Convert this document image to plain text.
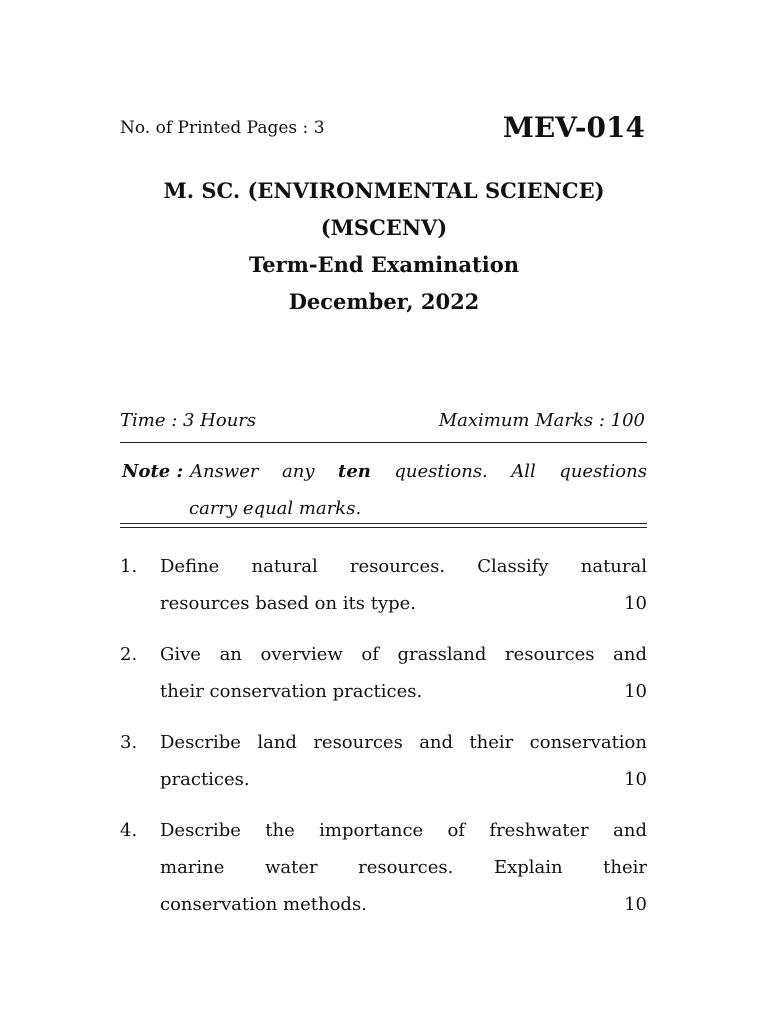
No. of Printed Pages : 3	MEV-014
M. SC. (ENVIRONMENTAL SCIENCE)
(MSCENV)
Term-End Examination
December, 2022
Time : 3 Hours	Maximum Marks : 100
Note : Answer any ten questions. All questions
carry equal marks.
1. Define natural resources. Classify natural
resources based on its type.	10
2. Give an overview of grassland resources and
their conservation practices.	10
3. Describe land resources and their conservation
practices.	10
4. Describe the importance of freshwater and
marine water resources. Explain their
conservation methods.	10
